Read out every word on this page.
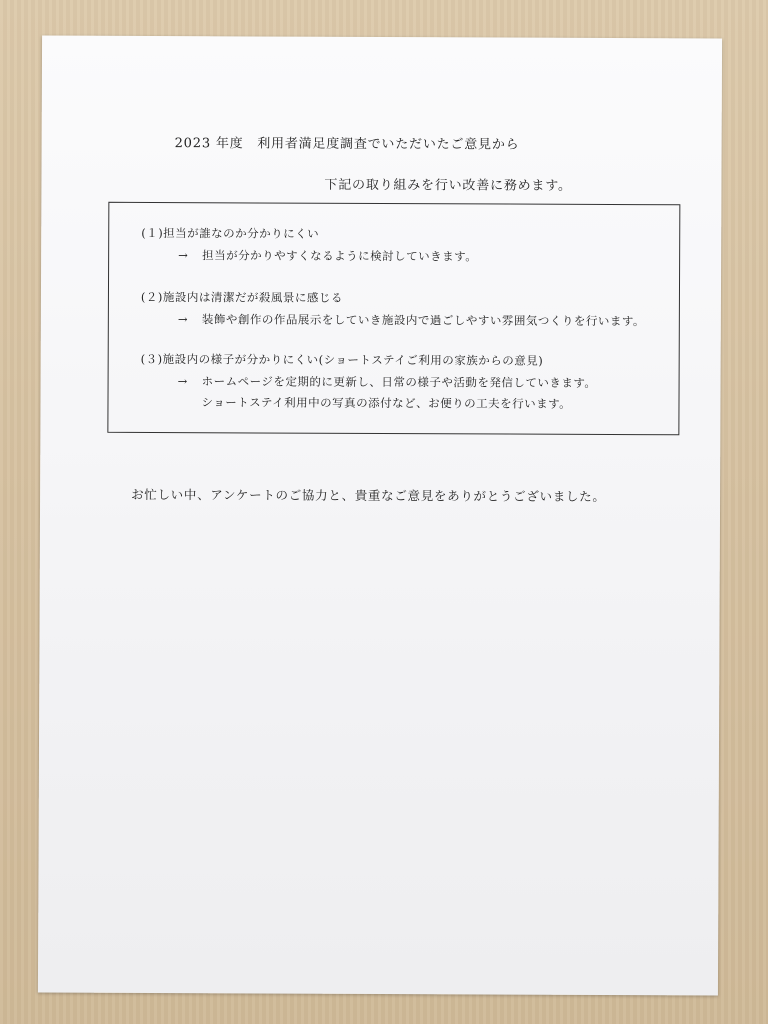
2023 年度　利用者満足度調査でいただいたご意見から
下記の取り組みを行い改善に務めます。
(１)担当が誰なのか分かりにくい
→ 担当が分かりやすくなるように検討していきます。
(２)施設内は清潔だが殺風景に感じる
→ 装飾や創作の作品展示をしていき施設内で過ごしやすい雰囲気つくりを行います。
(３)施設内の様子が分かりにくい(ショートステイご利用の家族からの意見)
→ ホームページを定期的に更新し、日常の様子や活動を発信していきます。
ショートステイ利用中の写真の添付など、お便りの工夫を行います。
お忙しい中、アンケートのご協力と、貴重なご意見をありがとうございました。
